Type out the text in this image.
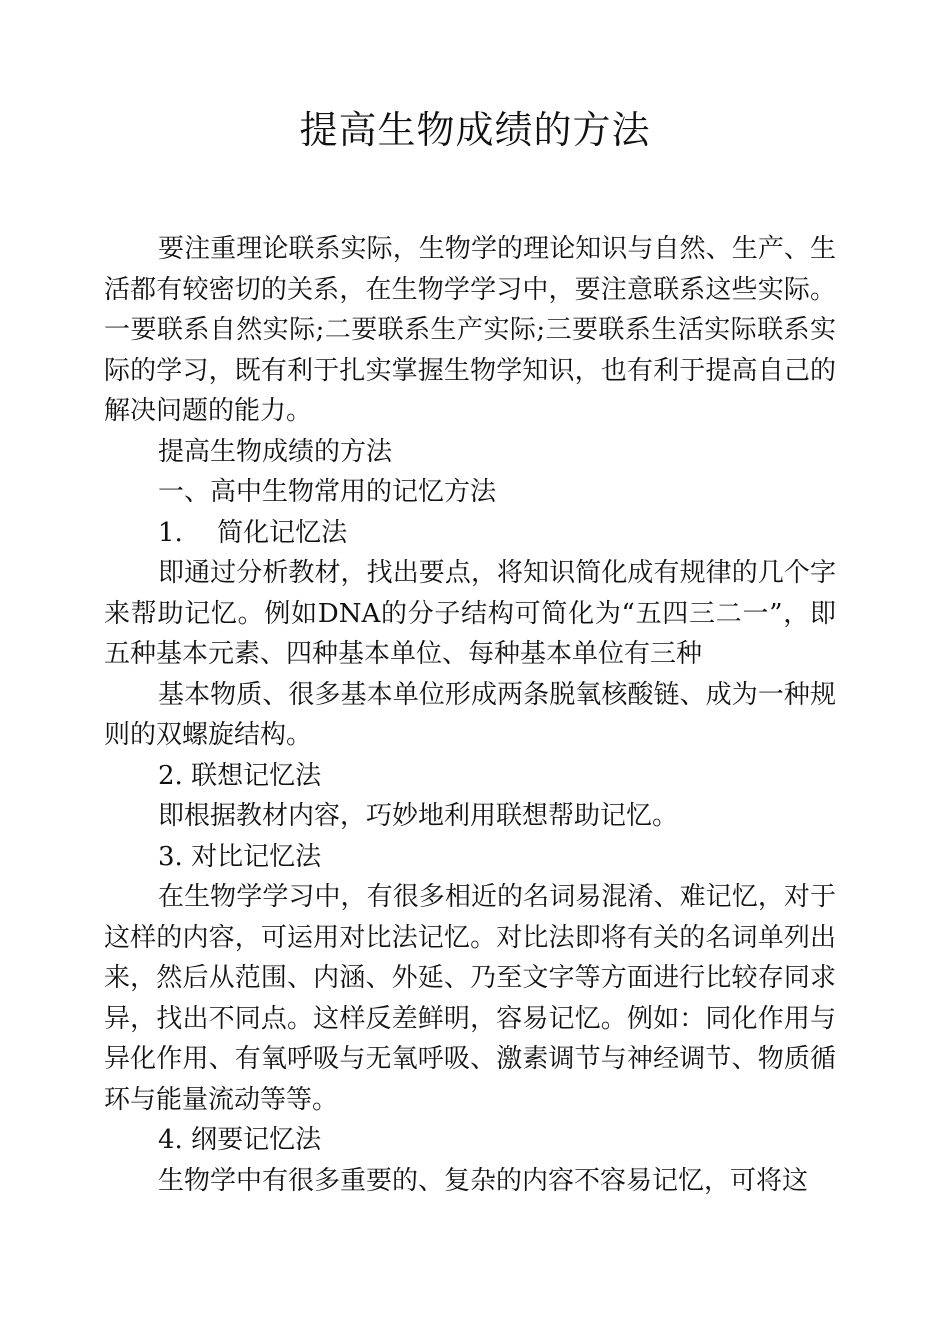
提高生物成绩的方法

要注重理论联系实际，生物学的理论知识与自然、生产、生活都有较密切的关系，在生物学学习中，要注意联系这些实际。一要联系自然实际;二要联系生产实际;三要联系生活实际联系实际的学习，既有利于扎实掌握生物学知识，也有利于提高自己的解决问题的能力。

提高生物成绩的方法

一、高中生物常用的记忆方法

1.　 简化记忆法

即通过分析教材，找出要点，将知识简化成有规律的几个字来帮助记忆。例如DNA的分子结构可简化为“五四三二一”，即五种基本元素、四种基本单位、每种基本单位有三种

基本物质、很多基本单位形成两条脱氧核酸链、成为一种规则的双螺旋结构。

2. 联想记忆法

即根据教材内容，巧妙地利用联想帮助记忆。

3. 对比记忆法

在生物学学习中，有很多相近的名词易混淆、难记忆，对于这样的内容，可运用对比法记忆。对比法即将有关的名词单列出来，然后从范围、内涵、外延、乃至文字等方面进行比较存同求异，找出不同点。这样反差鲜明，容易记忆。例如：同化作用与异化作用、有氧呼吸与无氧呼吸、激素调节与神经调节、物质循环与能量流动等等。

4. 纲要记忆法

生物学中有很多重要的、复杂的内容不容易记忆，可将这
